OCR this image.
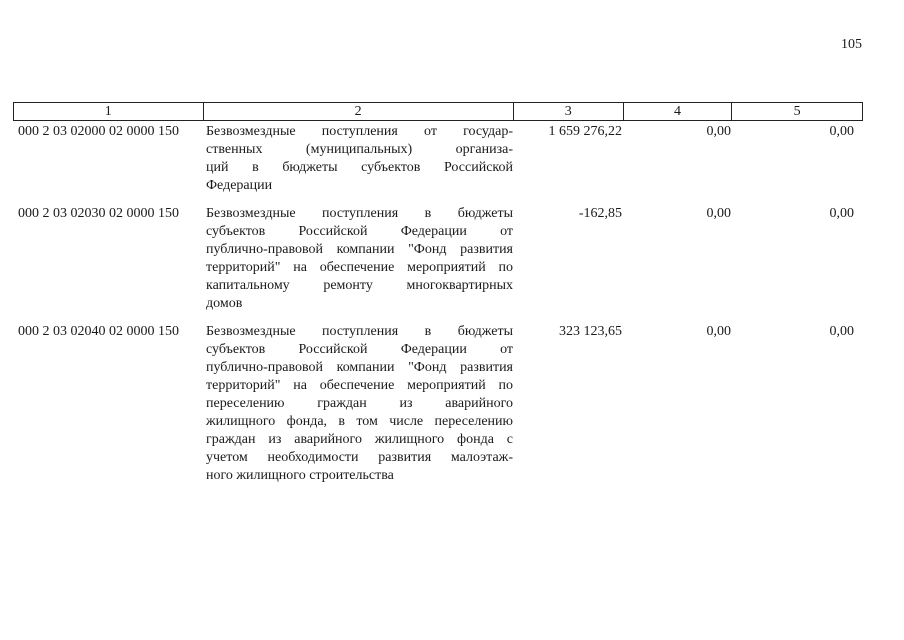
105
1	2	3	4	5
000 2 03 02000 02 0000 150	Безвозмездные поступления от государ-
ственных (муниципальных) организа-
ций в бюджеты субъектов Российской
Федерации
1 659 276,22	0,00	0,00
000 2 03 02030 02 0000 150	Безвозмездные поступления в бюджеты
субъектов Российской Федерации от
публично-правовой компании "Фонд развития
территорий" на обеспечение мероприятий по
капитальному ремонту многоквартирных
домов
-162,85	0,00	0,00
000 2 03 02040 02 0000 150	Безвозмездные поступления в бюджеты
субъектов Российской Федерации от
публично-правовой компании "Фонд развития
территорий" на обеспечение мероприятий по
переселению граждан из аварийного
жилищного фонда, в том числе переселению
граждан из аварийного жилищного фонда с
учетом необходимости развития малоэтаж-
ного жилищного строительства
323 123,65	0,00	0,00
